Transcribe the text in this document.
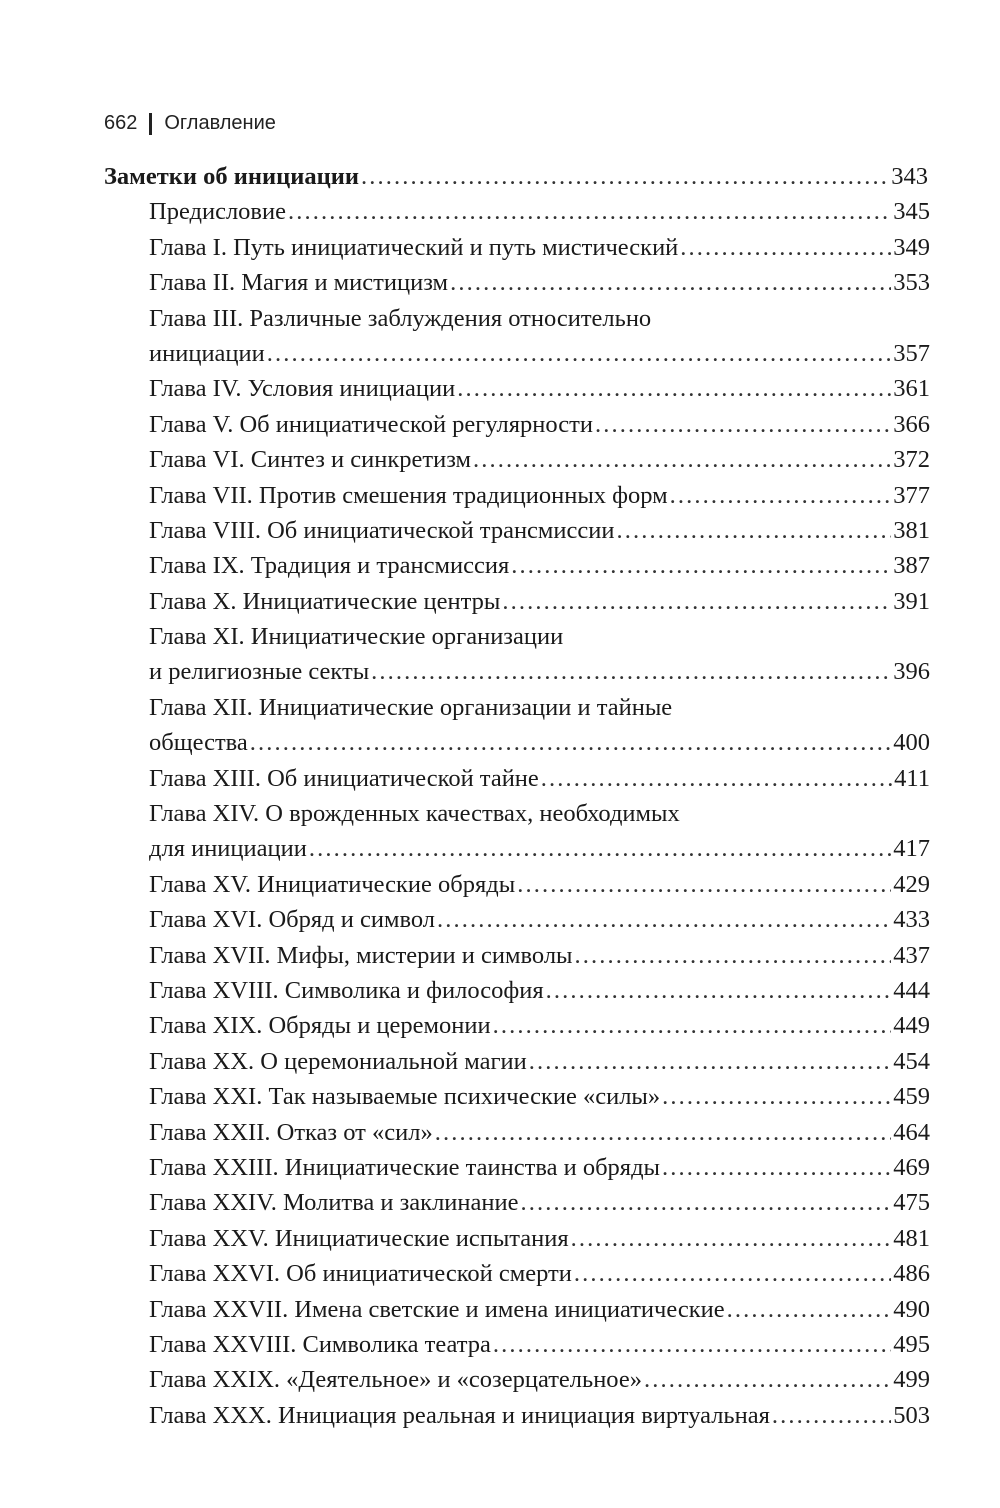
662 Оглавление
Заметки об инициации . . .	343
Предисловие . . .	345
Глава I. Путь инициатический и путь мистический . . .	349
Глава II. Магия и мистицизм . . .	353
Глава III. Различные заблуждения относительно
инициации . . .	357
Глава IV. Условия инициации . . .	361
Глава V. Об инициатической регулярности . . .	366
Глава VI. Синтез и синкретизм . . .	372
Глава VII. Против смешения традиционных форм . . .	377
Глава VIII. Об инициатической трансмиссии . . .	381
Глава IX. Традиция и трансмиссия . . .	387
Глава X. Инициатические центры . . .	391
Глава XI. Инициатические организации
и религиозные секты . . .	396
Глава XII. Инициатические организации и тайные
общества . . .	400
Глава XIII. Об инициатической тайне . . .	411
Глава XIV. О врожденных качествах, необходимых
для инициации . . .	417
Глава XV. Инициатические обряды . . .	429
Глава XVI. Обряд и символ . . .	433
Глава XVII. Мифы, мистерии и символы . . .	437
Глава XVIII. Символика и философия . . .	444
Глава XIX. Обряды и церемонии . . .	449
Глава XX. О церемониальной магии . . .	454
Глава XXI. Так называемые психические «силы» . . .	459
Глава XXII. Отказ от «сил» . . .	464
Глава XXIII. Инициатические таинства и обряды . . .	469
Глава XXIV. Молитва и заклинание . . .	475
Глава XXV. Инициатические испытания . . .	481
Глава XXVI. Об инициатической смерти . . .	486
Глава XXVII. Имена светские и имена инициатические . . .	490
Глава XXVIII. Символика театра . . .	495
Глава XXIX. «Деятельное» и «созерцательное» . . .	499
Глава XXX. Инициация реальная и инициация виртуальная . . .	503
